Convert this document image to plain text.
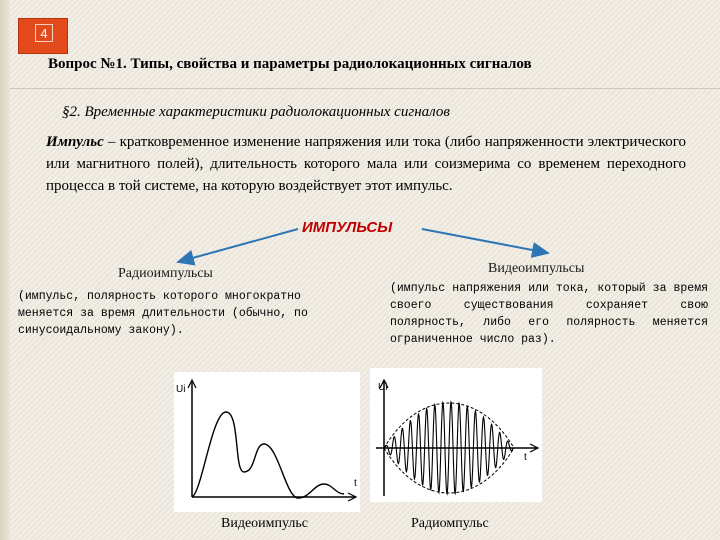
4
Вопрос №1. Типы, свойства и параметры радиолокационных сигналов
§2. Временные характеристики радиолокационных сигналов
Импульс – кратковременное изменение напряжения или тока (либо напряженности электрического или магнитного полей), длительность которого мала или соизмерима со временем переходного процесса в той системе, на которую воздействует этот импульс.
ИМПУЛЬСЫ
Радиоимпульсы
(импульс, полярность которого многократно меняется за время длительности (обычно, по синусоидальному закону).
Видеоимпульсы
(импульс напряжения или тока, который за время своего существования сохраняет свою полярность, либо его полярность меняется ограниченное число раз).
Ui
t
Ui
t
Видеоимпульс	Радиомпульс
